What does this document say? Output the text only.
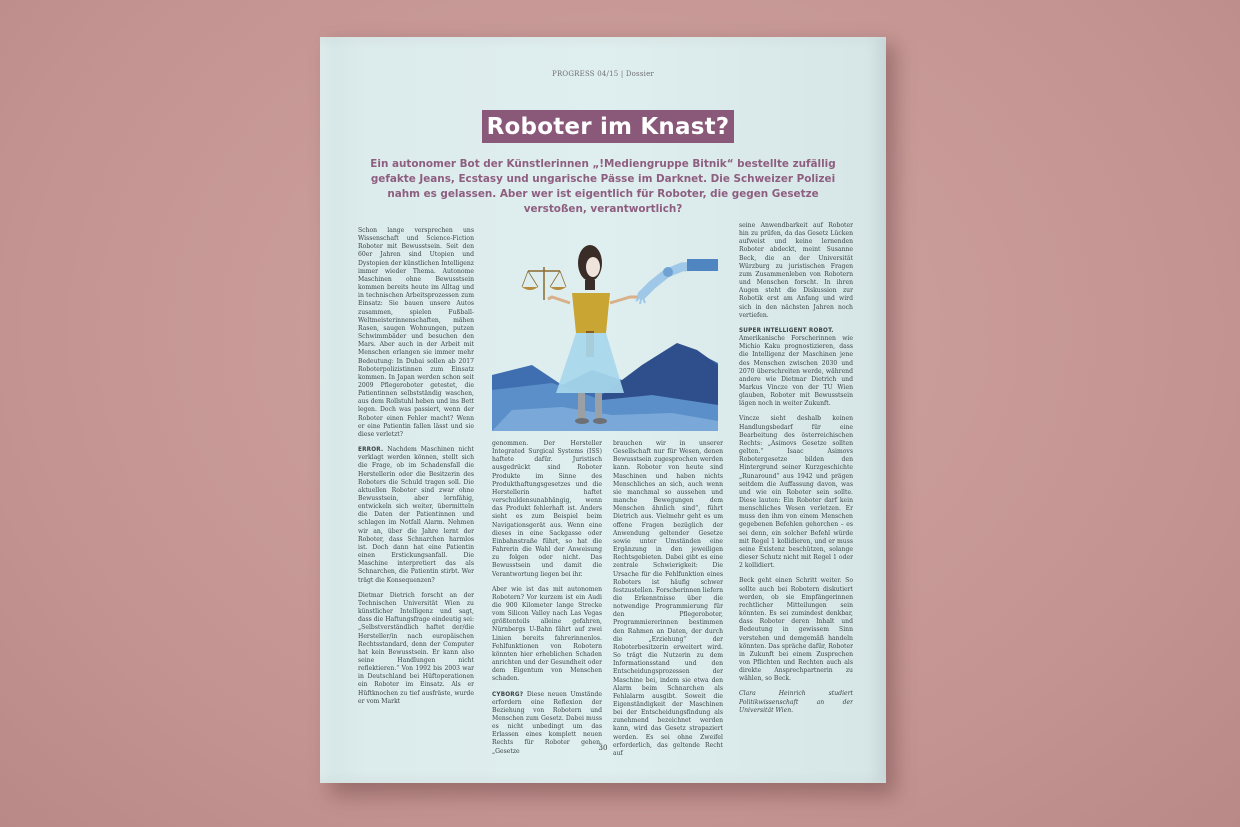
PROGRESS 04/15 | Dossier
Roboter im Knast?
Ein autonomer Bot der Künstlerinnen „!Mediengruppe Bitnik“ bestellte zufällig gefakte Jeans, Ecstasy und ungarische Pässe im Darknet. Die Schweizer Polizei nahm es gelassen. Aber wer ist eigentlich für Roboter, die gegen Gesetze verstoßen, verantwortlich?

Schon lange versprechen uns Wissenschaft und Science-Fiction Roboter mit Bewusstsein. Seit den 60er Jahren sind Utopien und Dystopien der künstlichen Intelligenz immer wieder Thema. Autonome Maschinen ohne Bewusstsein kommen bereits heute im Alltag und in technischen Arbeitsprozessen zum Einsatz: Sie bauen unsere Autos zusammen, spielen Fußball-Weltmeisterinnenschaften, mähen Rasen, saugen Wohnungen, putzen Schwimmbäder und besuchen den Mars. Aber auch in der Arbeit mit Menschen erlangen sie immer mehr Bedeutung: In Dubai sollen ab 2017 Roboterpolizistinnen zum Einsatz kommen. In Japan werden schon seit 2009 Pflegeroboter getestet, die Patientinnen selbstständig waschen, aus dem Rollstuhl heben und ins Bett legen. Doch was passiert, wenn der Roboter einen Fehler macht? Wenn er eine Patientin fallen lässt und sie diese verletzt?

ERROR. Nachdem Maschinen nicht verklagt werden können, stellt sich die Frage, ob im Schadensfall die Herstellerin oder die Besitzerin des Roboters die Schuld tragen soll. Die aktuellen Roboter sind zwar ohne Bewusstsein, aber lernfähig, entwickeln sich weiter, übermitteln die Daten der Patientinnen und schlagen im Notfall Alarm. Nehmen wir an, über die Jahre lernt der Roboter, dass Schnarchen harmlos ist. Doch dann hat eine Patientin einen Erstickungsanfall. Die Maschine interpretiert das als Schnarchen, die Patientin stirbt. Wer trägt die Konsequenzen?

Dietmar Dietrich forscht an der Technischen Universität Wien zu künstlicher Intelligenz und sagt, dass die Haftungsfrage eindeutig sei: „Selbstverständlich haftet der/die Hersteller/in nach europäischen Rechtsstandard, denn der Computer hat kein Bewusstsein. Er kann also seine Handlungen nicht reflektieren.“ Von 1992 bis 2003 war in Deutschland bei Hüftoperationen ein Roboter im Einsatz. Als er Hüftknochen zu tief ausfräste, wurde er vom Markt

genommen. Der Hersteller Integrated Surgical Systems (ISS) haftete dafür. Juristisch ausgedrückt sind Roboter Produkte im Sinne des Produkthaftungsgesetzes und die Herstellerin haftet verschuldensunabhängig, wenn das Produkt fehlerhaft ist. Anders sieht es zum Beispiel beim Navigationsgerät aus. Wenn eine dieses in eine Sackgasse oder Einbahnstraße führt, so hat die Fahrerin die Wahl der Anweisung zu folgen oder nicht. Das Bewusstsein und damit die Verantwortung liegen bei ihr.

Aber wie ist das mit autonomen Robotern? Vor kurzem ist ein Audi die 900 Kilometer lange Strecke vom Silicon Valley nach Las Vegas größtenteils alleine gefahren, Nürnbergs U-Bahn fährt auf zwei Linien bereits fahrerinnenlos. Fehlfunktionen von Robotern könnten hier erheblichen Schaden anrichten und der Gesundheit oder dem Eigentum von Menschen schaden.

CYBORG? Diese neuen Umstände erfordern eine Reflexion der Beziehung von Robotern und Menschen zum Gesetz. Dabei muss es nicht unbedingt um das Erlassen eines komplett neuen Rechts für Roboter gehen. „Gesetze

brauchen wir in unserer Gesellschaft nur für Wesen, denen Bewusstsein zugesprochen werden kann. Roboter von heute sind Maschinen und haben nichts Menschliches an sich, auch wenn sie manchmal so aussehen und manche Bewegungen dem Menschen ähnlich sind“, führt Dietrich aus. Vielmehr geht es um offene Fragen bezüglich der Anwendung geltender Gesetze sowie unter Umständen eine Ergänzung in den jeweiligen Rechtsgebieten. Dabei gibt es eine zentrale Schwierigkeit: Die Ursache für die Fehlfunktion eines Roboters ist häufig schwer festzustellen. Forscherinnen liefern die Erkenntnisse über die notwendige Programmierung für den Pflegeroboter, Programmiererinnen bestimmen den Rahmen an Daten, der durch die „Erziehung“ der Roboterbesitzerin erweitert wird. So trägt die Nutzerin zu dem Informationsstand und den Entscheidungsprozessen der Maschine bei, indem sie etwa den Alarm beim Schnarchen als Fehlalarm ausgibt. Soweit die Eigenständigkeit der Maschinen bei der Entscheidungsfindung als zunehmend bezeichnet werden kann, wird das Gesetz strapaziert werden. Es sei ohne Zweifel erforderlich, das geltende Recht auf

seine Anwendbarkeit auf Roboter hin zu prüfen, da das Gesetz Lücken aufweist und keine lernenden Roboter abdeckt, meint Susanne Beck, die an der Universität Würzburg zu juristischen Fragen zum Zusammenleben von Robotern und Menschen forscht. In ihren Augen steht die Diskussion zur Robotik erst am Anfang und wird sich in den nächsten Jahren noch vertiefen.

SUPER INTELLIGENT ROBOT.
Amerikanische Forscherinnen wie Michio Kaku prognostizieren, dass die Intelligenz der Maschinen jene des Menschen zwischen 2030 und 2070 überschreiten werde, während andere wie Dietmar Dietrich und Markus Vincze von der TU Wien glauben, Roboter mit Bewusstsein lägen noch in weiter Zukunft.

Vincze sieht deshalb keinen Handlungsbedarf für eine Bearbeitung des österreichischen Rechts: „Asimovs Gesetze sollten gelten.“ Isaac Asimovs Robotergesetze bilden den Hintergrund seiner Kurzgeschichte „Runaround“ aus 1942 und prägen seitdem die Auffassung davon, was und wie ein Roboter sein sollte. Diese lauten: Ein Roboter darf kein menschliches Wesen verletzen. Er muss den ihm von einem Menschen gegebenen Befehlen gehorchen – es sei denn, ein solcher Befehl würde mit Regel 1 kollidieren, und er muss seine Existenz beschützen, solange dieser Schutz nicht mit Regel 1 oder 2 kollidiert.

Beck geht einen Schritt weiter. So sollte auch bei Robotern diskutiert werden, ob sie Empfängerinnen rechtlicher Mitteilungen sein könnten. Es sei zumindest denkbar, dass Roboter deren Inhalt und Bedeutung in gewissem Sinn verstehen und demgemäß handeln könnten. Das spräche dafür, Roboter in Zukunft bei einem Zusprechen von Pflichten und Rechten auch als direkte Ansprechpartnerin zu wählen, so Beck.

Clara Heinrich studiert Politikwissenschaft an der Universität Wien.

30
